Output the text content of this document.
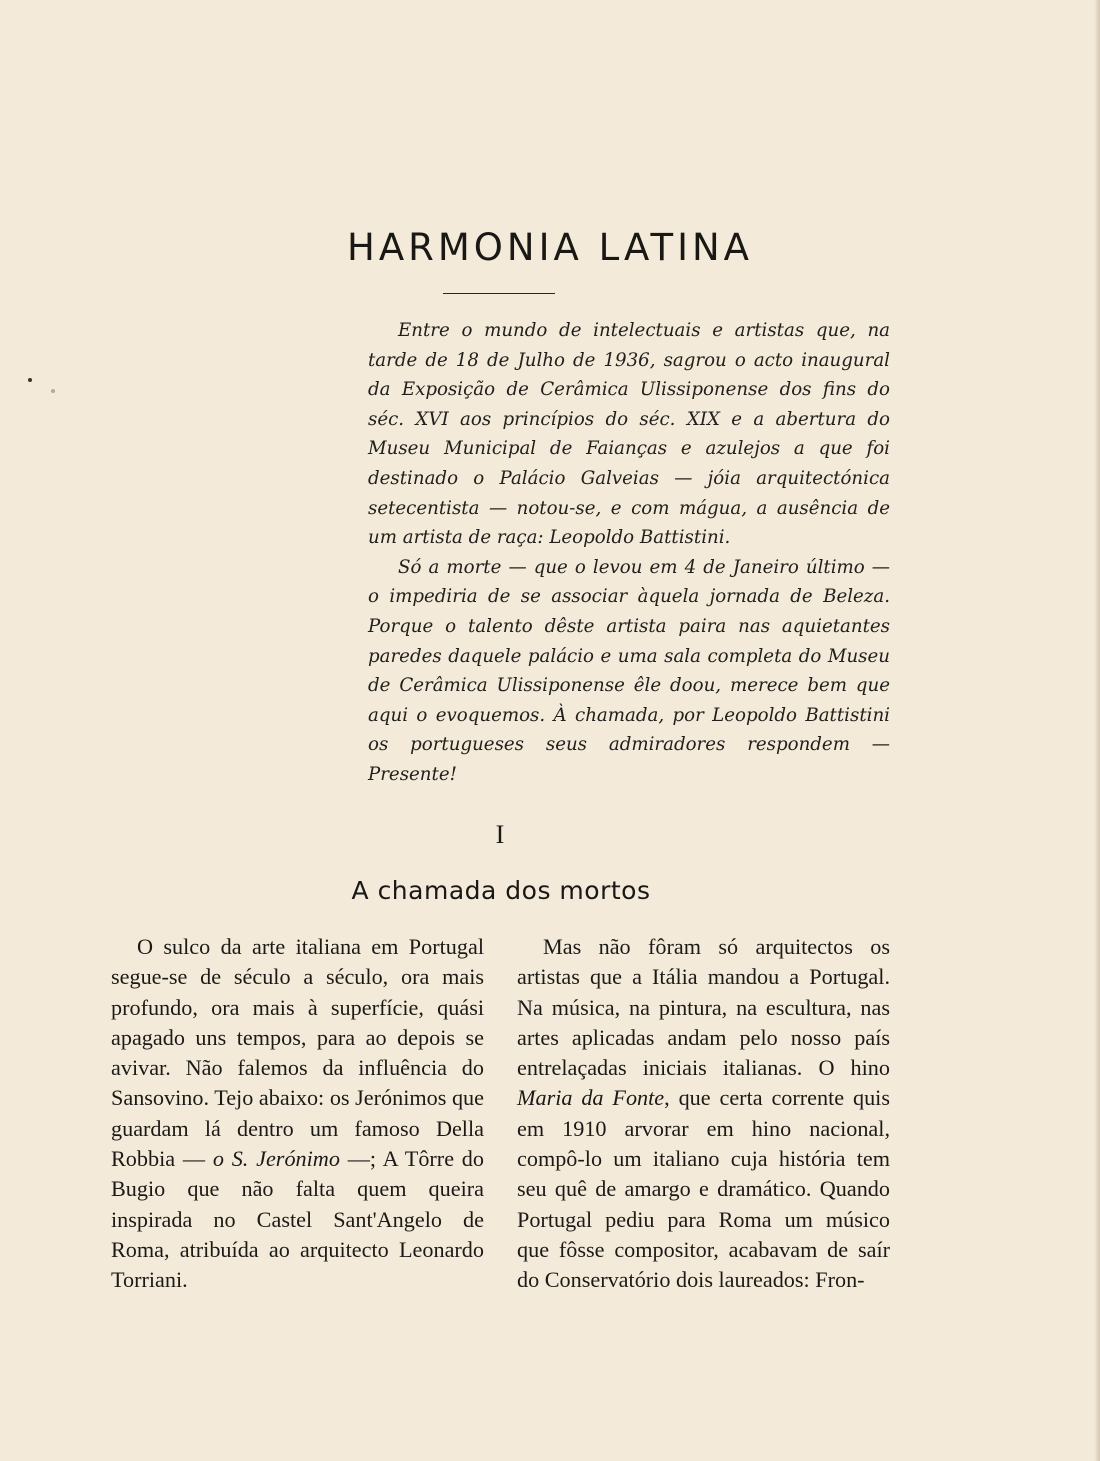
HARMONIA LATINA

Entre o mundo de intelectuais e artistas que, na tarde de 18 de Julho de 1936, sagrou o acto inaugural da Exposição de Cerâmica Ulissiponense dos fins do séc. XVI aos princípios do séc. XIX e a abertura do Museu Municipal de Faianças e azulejos a que foi destinado o Palácio Galveias — jóia arquitectónica setecentista — notou-se, e com mágua, a ausência de um artista de raça: Leopoldo Battistini.

Só a morte — que o levou em 4 de Janeiro último — o impediria de se associar àquela jornada de Beleza. Porque o talento dêste artista paira nas aquietantes paredes daquele palácio e uma sala completa do Museu de Cerâmica Ulissiponense êle doou, merece bem que aqui o evoquemos. À chamada, por Leopoldo Battistini os portugueses seus admiradores respondem — Presente!

I
A chamada dos mortos

O sulco da arte italiana em Portugal segue-se de século a século, ora mais profundo, ora mais à superfície, quási apagado uns tempos, para ao depois se avivar. Não falemos da influência do Sansovino. Tejo abaixo: os Jerónimos que guardam lá dentro um famoso Della Robbia — o S. Jerónimo —; A Tôrre do Bugio que não falta quem queira inspirada no Castel Sant'Angelo de Roma, atribuída ao arquitecto Leonardo Torriani.

Mas não fôram só arquitectos os artistas que a Itália mandou a Portugal. Na música, na pintura, na escultura, nas artes aplicadas andam pelo nosso país entrelaçadas iniciais italianas. O hino Maria da Fonte, que certa corrente quis em 1910 arvorar em hino nacional, compô-lo um italiano cuja história tem seu quê de amargo e dramático. Quando Portugal pediu para Roma um músico que fôsse compositor, acabavam de saír do Conservatório dois laureados: Fron-
